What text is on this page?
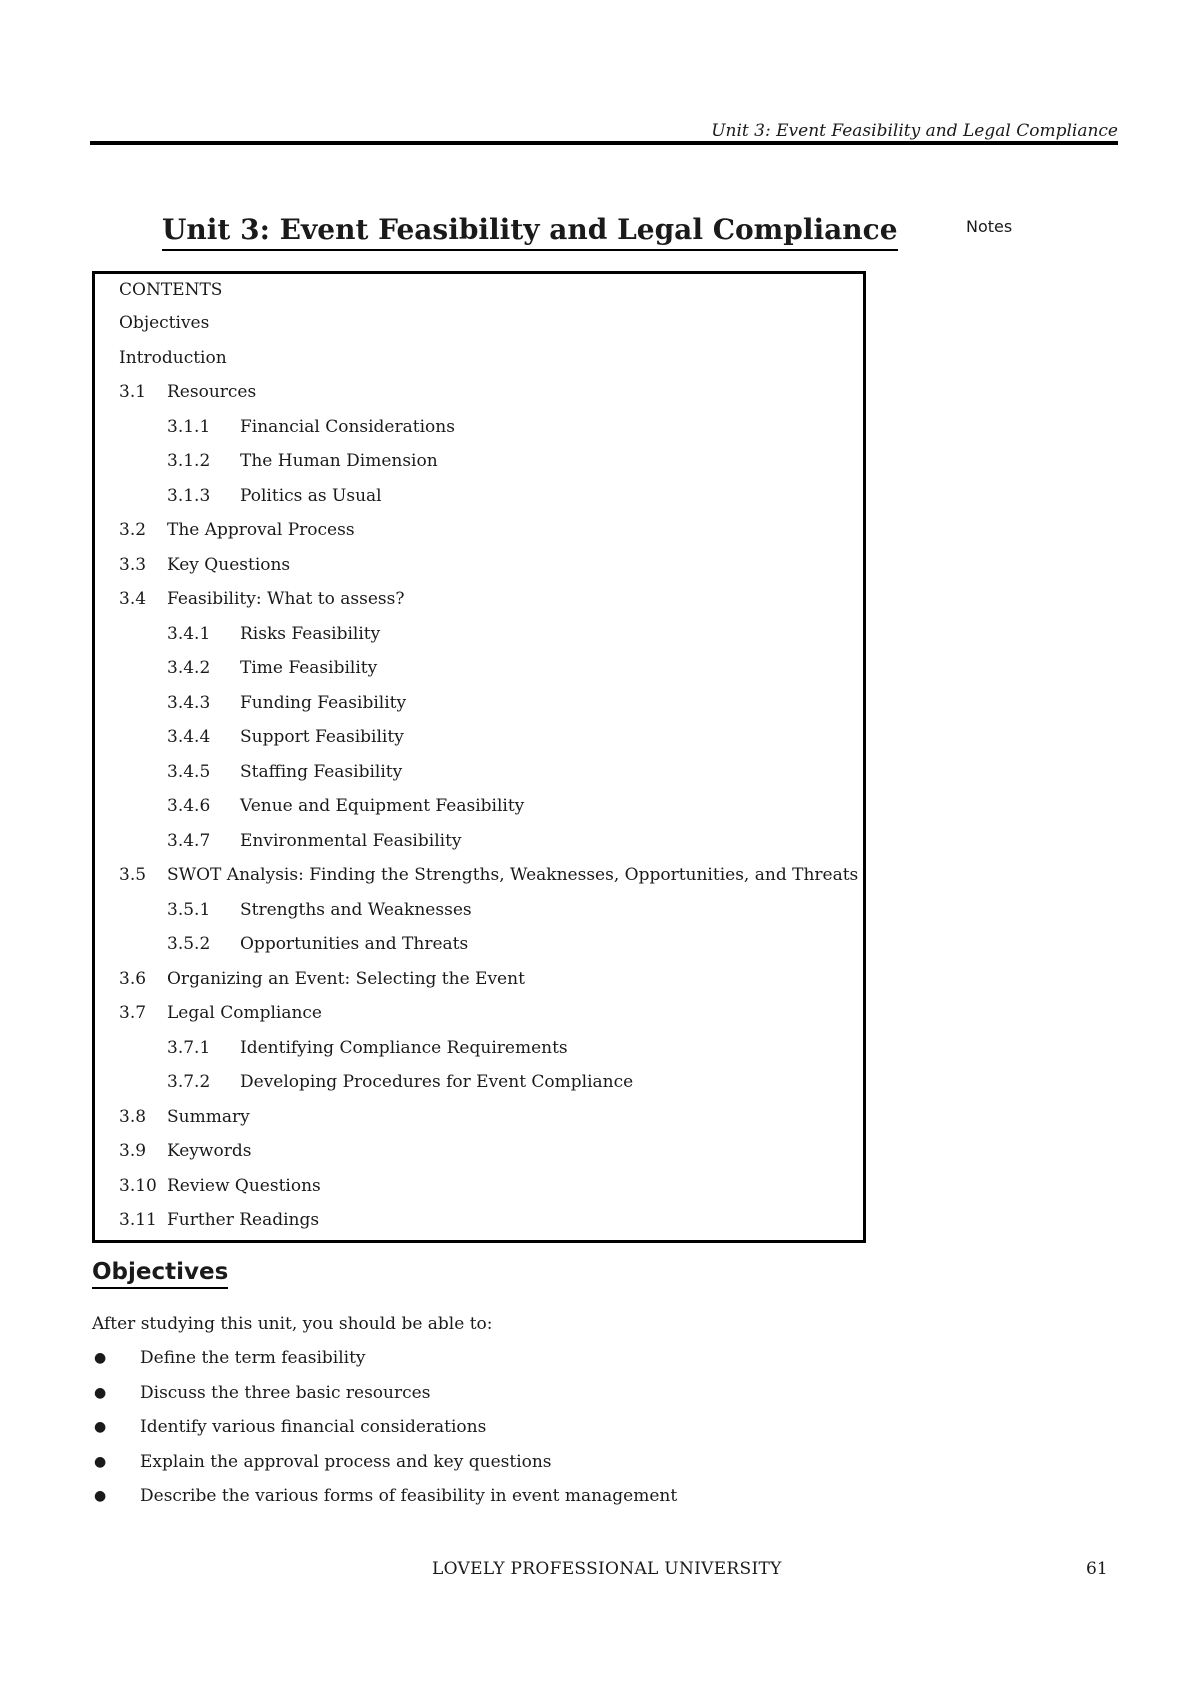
Unit 3: Event Feasibility and Legal Compliance
Notes
Unit 3: Event Feasibility and Legal Compliance
CONTENTS
Objectives
Introduction
3.1	Resources
3.1.1	Financial Considerations
3.1.2	The Human Dimension
3.1.3	Politics as Usual
3.2	The Approval Process
3.3	Key Questions
3.4	Feasibility: What to assess?
3.4.1	Risks Feasibility
3.4.2	Time Feasibility
3.4.3	Funding Feasibility
3.4.4	Support Feasibility
3.4.5	Staffing Feasibility
3.4.6	Venue and Equipment Feasibility
3.4.7	Environmental Feasibility
3.5	SWOT Analysis: Finding the Strengths, Weaknesses, Opportunities, and Threats
3.5.1	Strengths and Weaknesses
3.5.2	Opportunities and Threats
3.6	Organizing an Event: Selecting the Event
3.7	Legal Compliance
3.7.1	Identifying Compliance Requirements
3.7.2	Developing Procedures for Event Compliance
3.8	Summary
3.9	Keywords
3.10 Review Questions
3.11 Further Readings
Objectives

After studying this unit, you should be able to:

●	Define the term feasibility
●	Discuss the three basic resources
●	Identify various financial considerations
●	Explain the approval process and key questions
●	Describe the various forms of feasibility in event management
LOVELY PROFESSIONAL UNIVERSITY	61
